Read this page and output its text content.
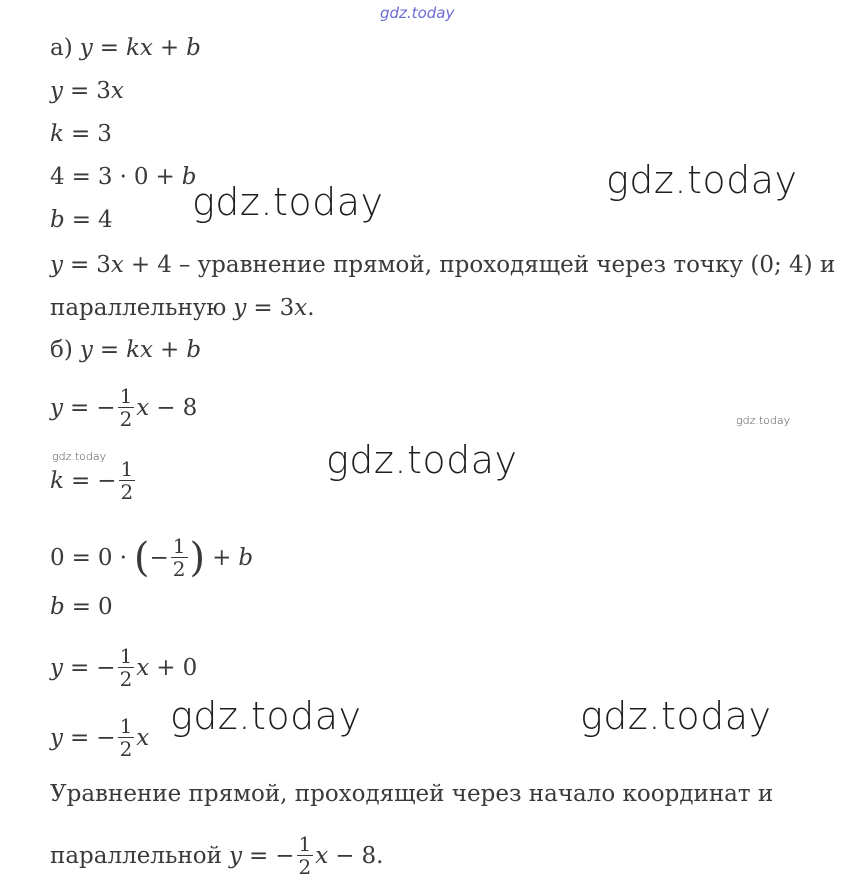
gdz.today
gdz.today	gdz.today
gdz.today
gdz.today	gdz.today
gdz.today	gdz.today
а) y = k x + b
y = 3 x
k = 3
4 = 3 · 0 + b
b = 4
y = 3 x + 4 – уравнение прямой, проходящей через точку (0; 4) и
параллельную y = 3 x .
б) y = k x + b
y = − $\frac{1}{2}$ x − 8
k = − $\frac{1}{2}$
0 = 0 · ( − $\frac{1}{2}$ ) + b
b = 0
y = − $\frac{1}{2}$ x + 0
y = − $\frac{1}{2}$ x
Уравнение прямой, проходящей через начало координат и
параллельной y = − $\frac{1}{2}$ x − 8 .
